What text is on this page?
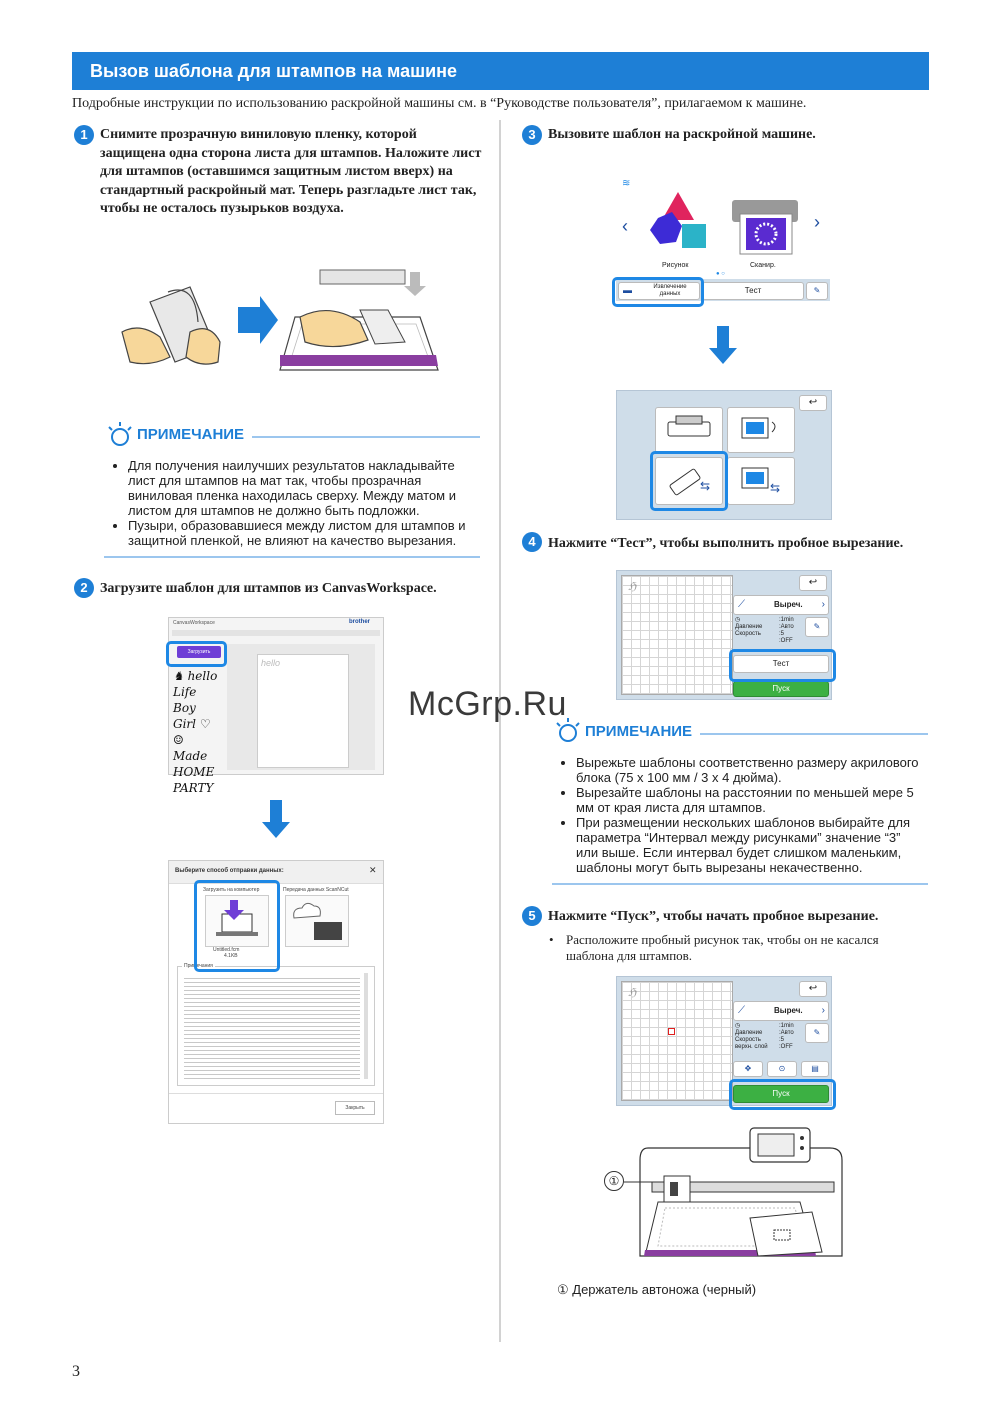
Вызов шаблона для штампов на машине
Подробные инструкции по использованию раскройной машины см. в “Руководстве пользователя”, прилагаемом к машине.
1 Снимите прозрачную виниловую пленку, которой защищена одна сторона листа для штампов. Наложите лист для штампов (оставшимся защитным листом вверх) на стандартный раскройный мат. Теперь разгладьте лист так, чтобы не осталось пузырьков воздуха.
ПРИМЕЧАНИЕ
• Для получения наилучших результатов накладывайте лист для штампов на мат так, чтобы прозрачная виниловая пленка находилась сверху. Между матом и листом для штампов не должно быть подложки.
• Пузыри, образовавшиеся между листом для штампов и защитной пленкой, не влияют на качество вырезания.
2 Загрузите шаблон для штампов из CanvasWorkspace.
CanvasWorkspace	brother
Загрузить
♞ hello
Life Boy
Girl ♡
☺ Made
HOME
PARTY
hello
Выберите способ отправки данных:	✕
Загрузить на компьютер	Передача данных ScanNCut
Untitled.fcm
4.1KB
Примечания
Закрыть
3 Вызовите шаблон на раскройной машине.
≋
‹	›
Рисунок	Сканир.
● ○
▬	Извлечение данных	Тест	✎
↩
⇆	⇆
4 Нажмите “Тест”, чтобы выполнить пробное вырезание.
ℌ	↩
⟋	Выреч. ›
◷	:1min
Давление	:Авто
Скорость	:5
:OFF
✎
Тест
Пуск
McGrp.Ru
ПРИМЕЧАНИЕ
• Вырежьте шаблоны соответственно размеру акрилового блока (75 x 100 мм / 3 x 4 дюйма).
• Вырезайте шаблоны на расстоянии по меньшей мере 5 мм от края листа для штампов.
• При размещении нескольких шаблонов выбирайте для параметра “Интервал между рисунками” значение “3” или выше. Если интервал будет слишком маленьким, шаблоны могут быть вырезаны некачественно.
5 Нажмите “Пуск”, чтобы начать пробное вырезание.
• Расположите пробный рисунок так, чтобы он не касался шаблона для штампов.
ℌ	↩
⟋	Выреч. ›
◷	:1min
Давление	:Авто
Скорость	:5
верхн. слой :OFF
✎
✥	⊙	▤
Пуск
①
① Держатель автоножа (черный)
3
